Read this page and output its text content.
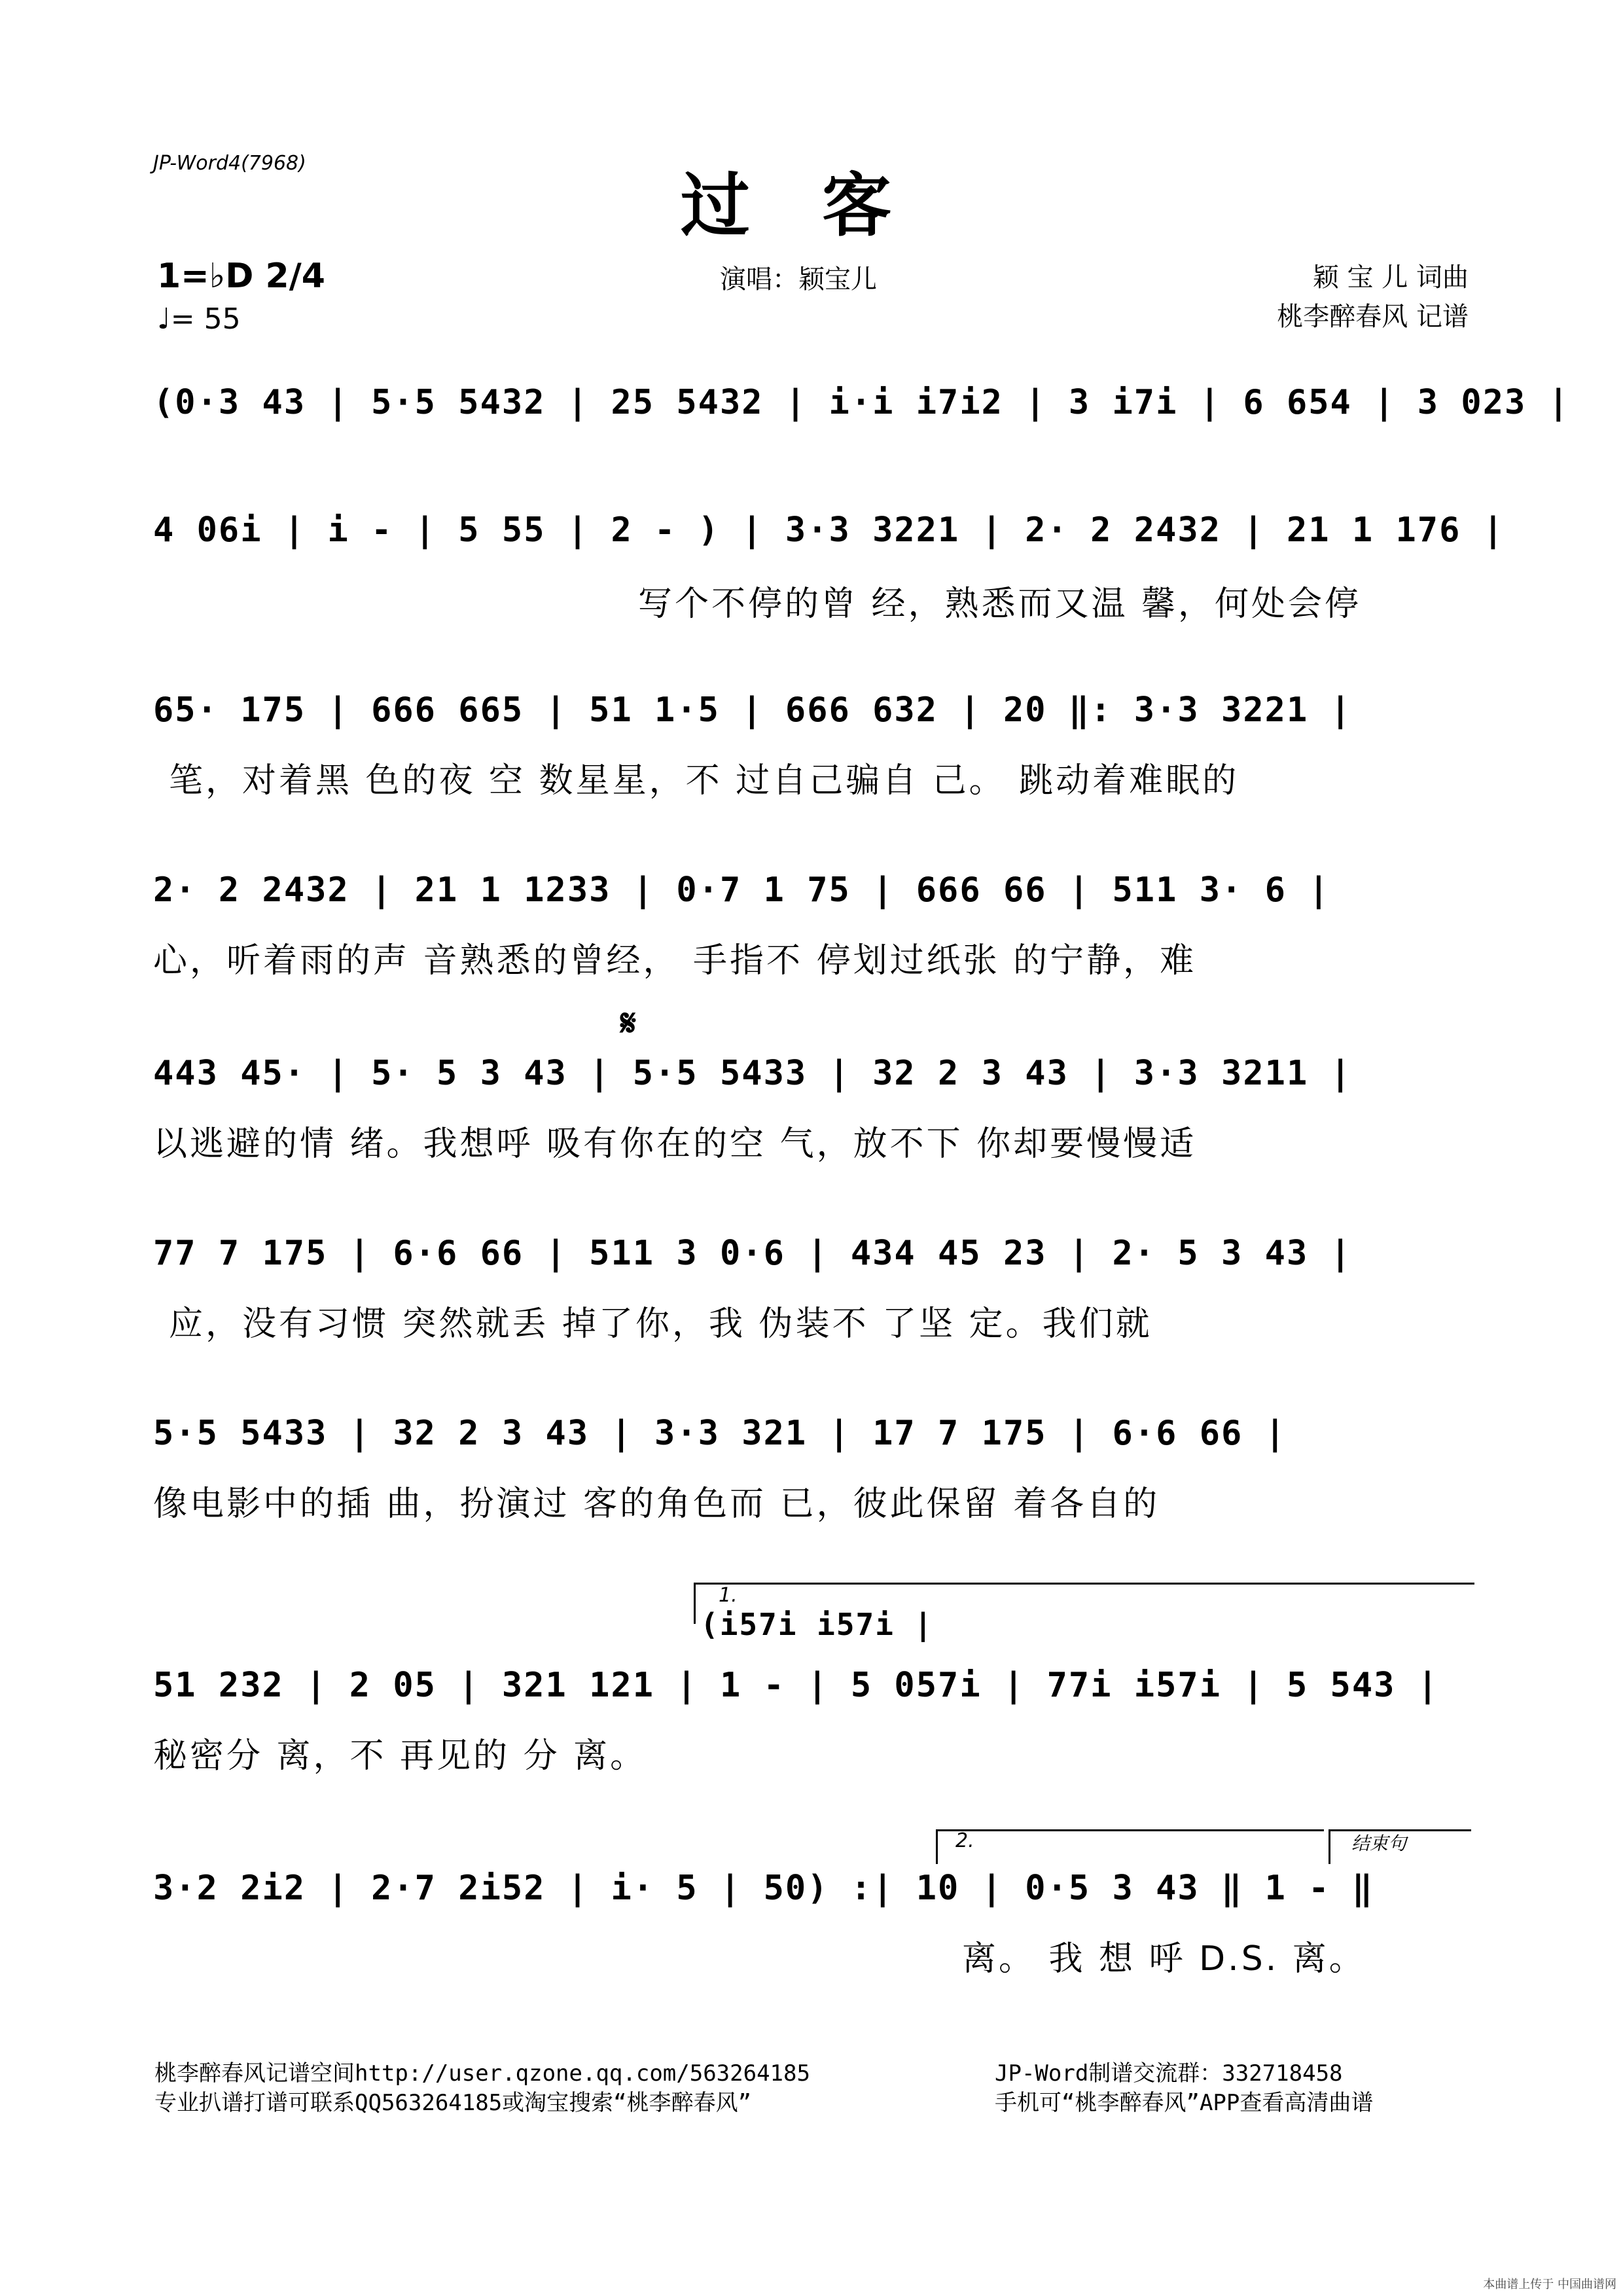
JP-Word4(7968)
过客
1=♭D 2/4
♩= 55
演唱：颖宝儿	颖 宝 儿 词曲
桃李醉春风 记谱
(0·3 43 | 5·5 5432 | 25 5432 | i·i i7i2 | 3 i7i | 6 654 | 3 023 |
4 06i | i - | 5 55 | 2 - ) | 3·3 3221 | 2· 2 2432 | 21 1 176 |
写个不停的曾 经，熟悉而又温 馨，何处会停
65· 175 | 666 665 | 51 1·5 | 666 632 | 20 ‖: 3·3 3221 |
笔，对着黑 色的夜 空 数星星，不 过自己骗自 己。 跳动着难眠的
2· 2 2432 | 21 1 1233 | 0·7 1 75 | 666 66 | 511 3· 6 |
心，听着雨的声 音熟悉的曾经， 手指不 停划过纸张 的宁静，难
𝄋
443 45· | 5· 5 3 43 | 5·5 5433 | 32 2 3 43 | 3·3 3211 |
以逃避的情 绪。我想呼 吸有你在的空 气，放不下 你却要慢慢适
77 7 175 | 6·6 66 | 511 3 0·6 | 434 45 23 | 2· 5 3 43 |
应，没有习惯 突然就丢 掉了你，我 伪装不 了坚 定。我们就
5·5 5433 | 32 2 3 43 | 3·3 321 | 17 7 175 | 6·6 66 |
像电影中的插 曲，扮演过 客的角色而 已，彼此保留 着各自的
1.
(i57i i57i |
51 232 | 2 05 | 321 121 | 1 - | 5 057i | 77i i57i | 5 543 |
秘密分 离，不 再见的 分 离。
2.	结束句
3·2 2i2 | 2·7 2i52 | i· 5 | 50) :| 10 | 0·5 3 43 ‖ 1 - ‖
离。 我 想 呼 D.S. 离。
桃李醉春风记谱空间http://user.qzone.qq.com/563264185
专业扒谱打谱可联系QQ563264185或淘宝搜索“桃李醉春风”
JP-Word制谱交流群：332718458
手机可“桃李醉春风”APP查看高清曲谱
本曲谱上传于 中国曲谱网
